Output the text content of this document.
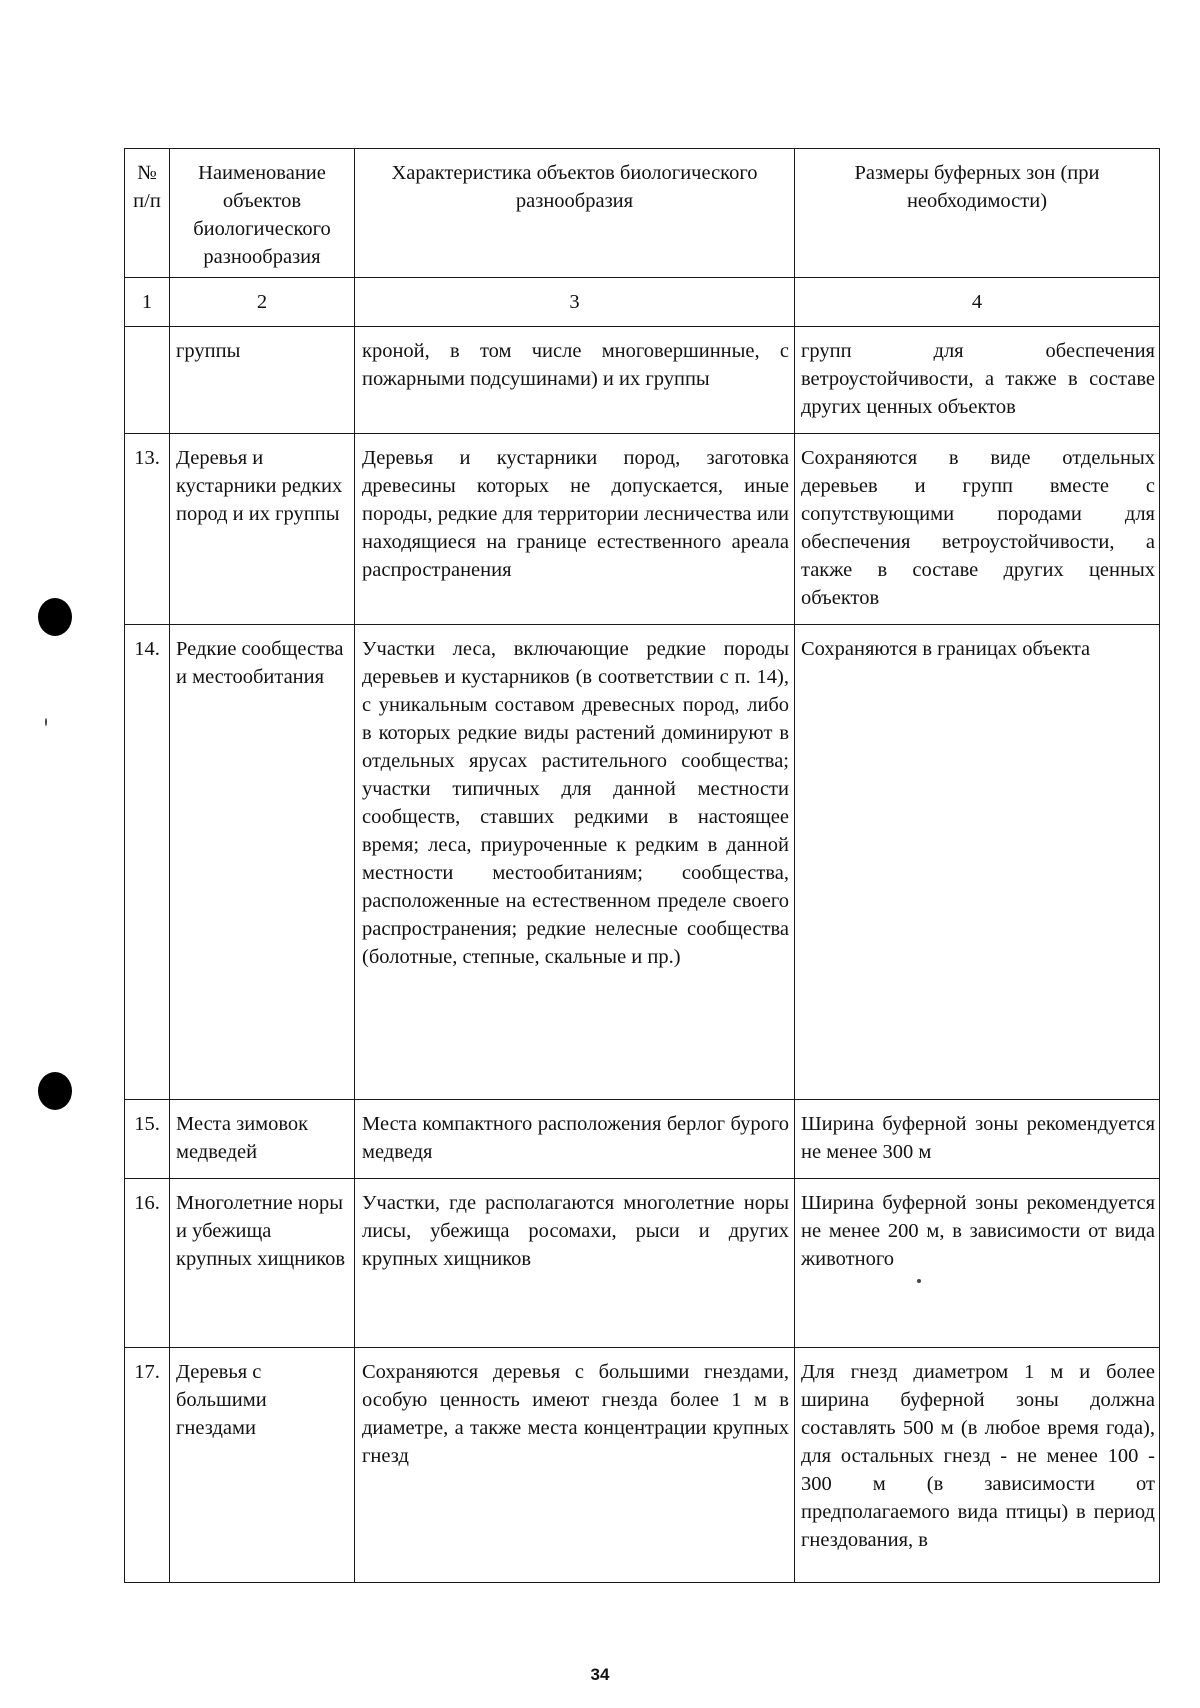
№ п/п	Наименование объектов биологического разнообразия	Характеристика объектов биологического разнообразия	Размеры буферных зон (при необходимости)
1	2	3	4
	группы	кроной, в том числе многовершинные, с пожарными подсушинами) и их группы	групп для обеспечения ветроустойчивости, а также в составе других ценных объектов
13.	Деревья и кустарники редких пород и их группы	Деревья и кустарники пород, заготовка древесины которых не допускается, иные породы, редкие для территории лесничества или находящиеся на границе естественного ареала распространения	Сохраняются в виде отдельных деревьев и групп вместе с сопутствующими породами для обеспечения ветроустойчивости, а также в составе других ценных объектов
14.	Редкие сообщества и местообитания	Участки леса, включающие редкие породы деревьев и кустарников (в соответствии с п. 14), с уникальным составом древесных пород, либо в которых редкие виды растений доминируют в отдельных ярусах растительного сообщества; участки типичных для данной местности сообществ, ставших редкими в настоящее время; леса, приуроченные к редким в данной местности местообитаниям; сообщества, расположенные на естественном пределе своего распространения; редкие нелесные сообщества (болотные, степные, скальные и пр.)	Сохраняются в границах объекта
15.	Места зимовок медведей	Места компактного расположения берлог бурого медведя	Ширина буферной зоны рекомендуется не менее 300 м
16.	Многолетние норы и убежища крупных хищников	Участки, где располагаются многолетние норы лисы, убежища росомахи, рыси и других крупных хищников	Ширина буферной зоны рекомендуется не менее 200 м, в зависимости от вида животного
17.	Деревья с большими гнездами	Сохраняются деревья с большими гнездами, особую ценность имеют гнезда более 1 м в диаметре, а также места концентрации крупных гнезд	Для гнезд диаметром 1 м и более ширина буферной зоны должна составлять 500 м (в любое время года), для остальных гнезд - не менее 100 - 300 м (в зависимости от предполагаемого вида птицы) в период гнездования, в
34
